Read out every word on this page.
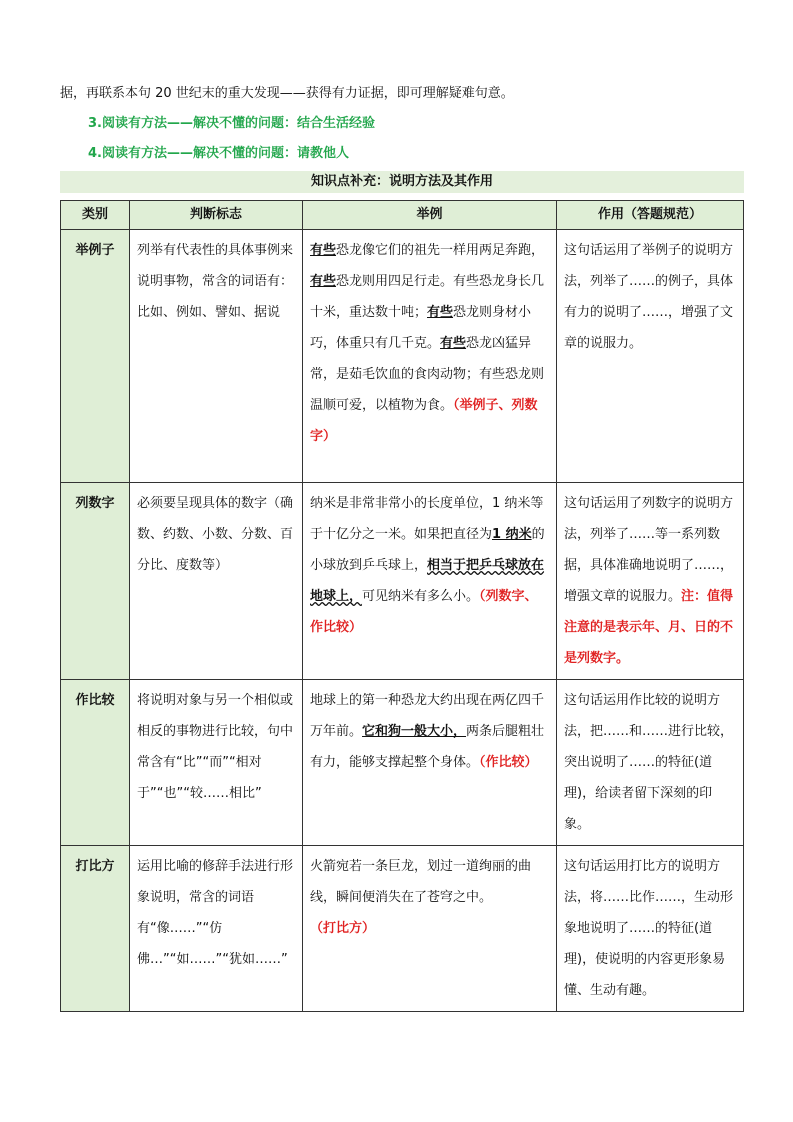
据，再联系本句 20 世纪末的重大发现——获得有力证据，即可理解疑难句意。
3.阅读有方法——解决不懂的问题：结合生活经验
4.阅读有方法——解决不懂的问题：请教他人
知识点补充：说明方法及其作用
类别	判断标志	举例	作用（答题规范）
举例子	列举有代表性的具体事例来说明事物，常含的词语有：比如、例如、譬如、据说	有些恐龙像它们的祖先一样用两足奔跑，有些恐龙则用四足行走。有些恐龙身长几十米，重达数十吨；有些恐龙则身材小巧，体重只有几千克。有些恐龙凶猛异常，是茹毛饮血的食肉动物；有些恐龙则温顺可爱，以植物为食。（举例子、列数字）	这句话运用了举例子的说明方法，列举了……的例子，具体有力的说明了……，增强了文章的说服力。
列数字	必须要呈现具体的数字（确数、约数、小数、分数、百分比、度数等）	纳米是非常非常小的长度单位，1 纳米等于十亿分之一米。如果把直径为1 纳米的小球放到乒乓球上，相当于把乒乓球放在地球上，可见纳米有多么小。（列数字、作比较）	这句话运用了列数字的说明方法，列举了……等一系列数据，具体准确地说明了……，增强文章的说服力。注：值得注意的是表示年、月、日的不是列数字。
作比较	将说明对象与另一个相似或相反的事物进行比较，句中常含有“比”“而”“相对于”“也”“较……相比”	地球上的第一种恐龙大约出现在两亿四千万年前。它和狗一般大小，两条后腿粗壮有力，能够支撑起整个身体。（作比较）	这句话运用作比较的说明方法，把……和……进行比较，突出说明了……的特征(道理)，给读者留下深刻的印象。
打比方	运用比喻的修辞手法进行形象说明，常含的词语有“像……”“仿佛…”“如……”“犹如……”	火箭宛若一条巨龙，划过一道绚丽的曲线，瞬间便消失在了苍穹之中。（打比方）	这句话运用打比方的说明方法，将……比作……，生动形象地说明了……的特征(道理)，使说明的内容更形象易懂、生动有趣。
